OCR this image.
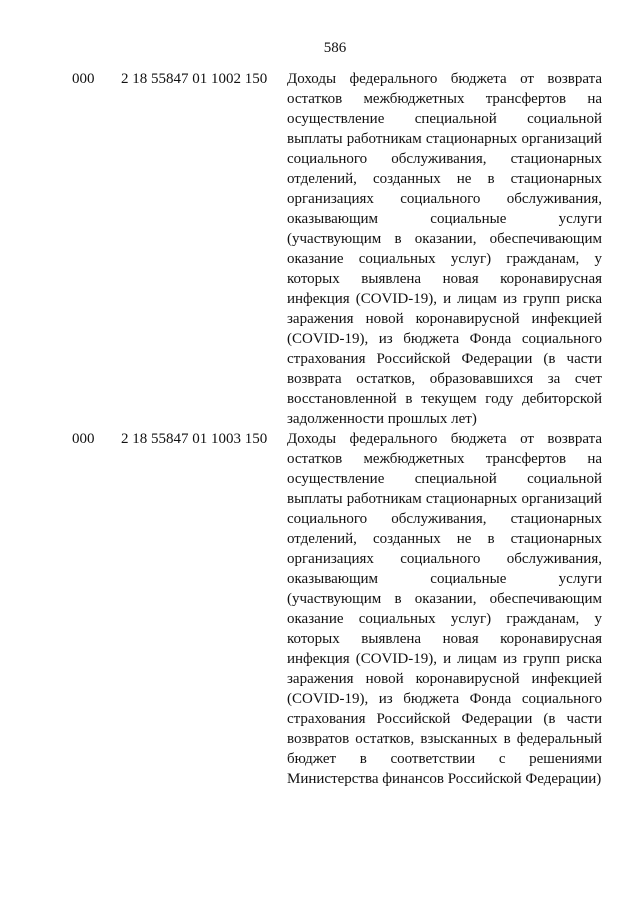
586
000 2 18 55847 01 1002 150 Доходы федерального бюджета от возврата остатков межбюджетных трансфертов на осуществление специальной социальной выплаты работникам стационарных организаций социального обслуживания, стационарных отделений, созданных не в стационарных организациях социального обслуживания, оказывающим социальные услуги (участвующим в оказании, обеспечивающим оказание социальных услуг) гражданам, у которых выявлена новая коронавирусная инфекция (COVID-19), и лицам из групп риска заражения новой коронавирусной инфекцией (COVID-19), из бюджета Фонда социального страхования Российской Федерации (в части возврата остатков, образовавшихся за счет восстановленной в текущем году дебиторской задолженности прошлых лет)

000 2 18 55847 01 1003 150 Доходы федерального бюджета от возврата остатков межбюджетных трансфертов на осуществление специальной социальной выплаты работникам стационарных организаций социального обслуживания, стационарных отделений, созданных не в стационарных организациях социального обслуживания, оказывающим социальные услуги (участвующим в оказании, обеспечивающим оказание социальных услуг) гражданам, у которых выявлена новая коронавирусная инфекция (COVID-19), и лицам из групп риска заражения новой коронавирусной инфекцией (COVID-19), из бюджета Фонда социального страхования Российской Федерации (в части возвратов остатков, взысканных в федеральный бюджет в соответствии с решениями Министерства финансов Российской Федерации)
